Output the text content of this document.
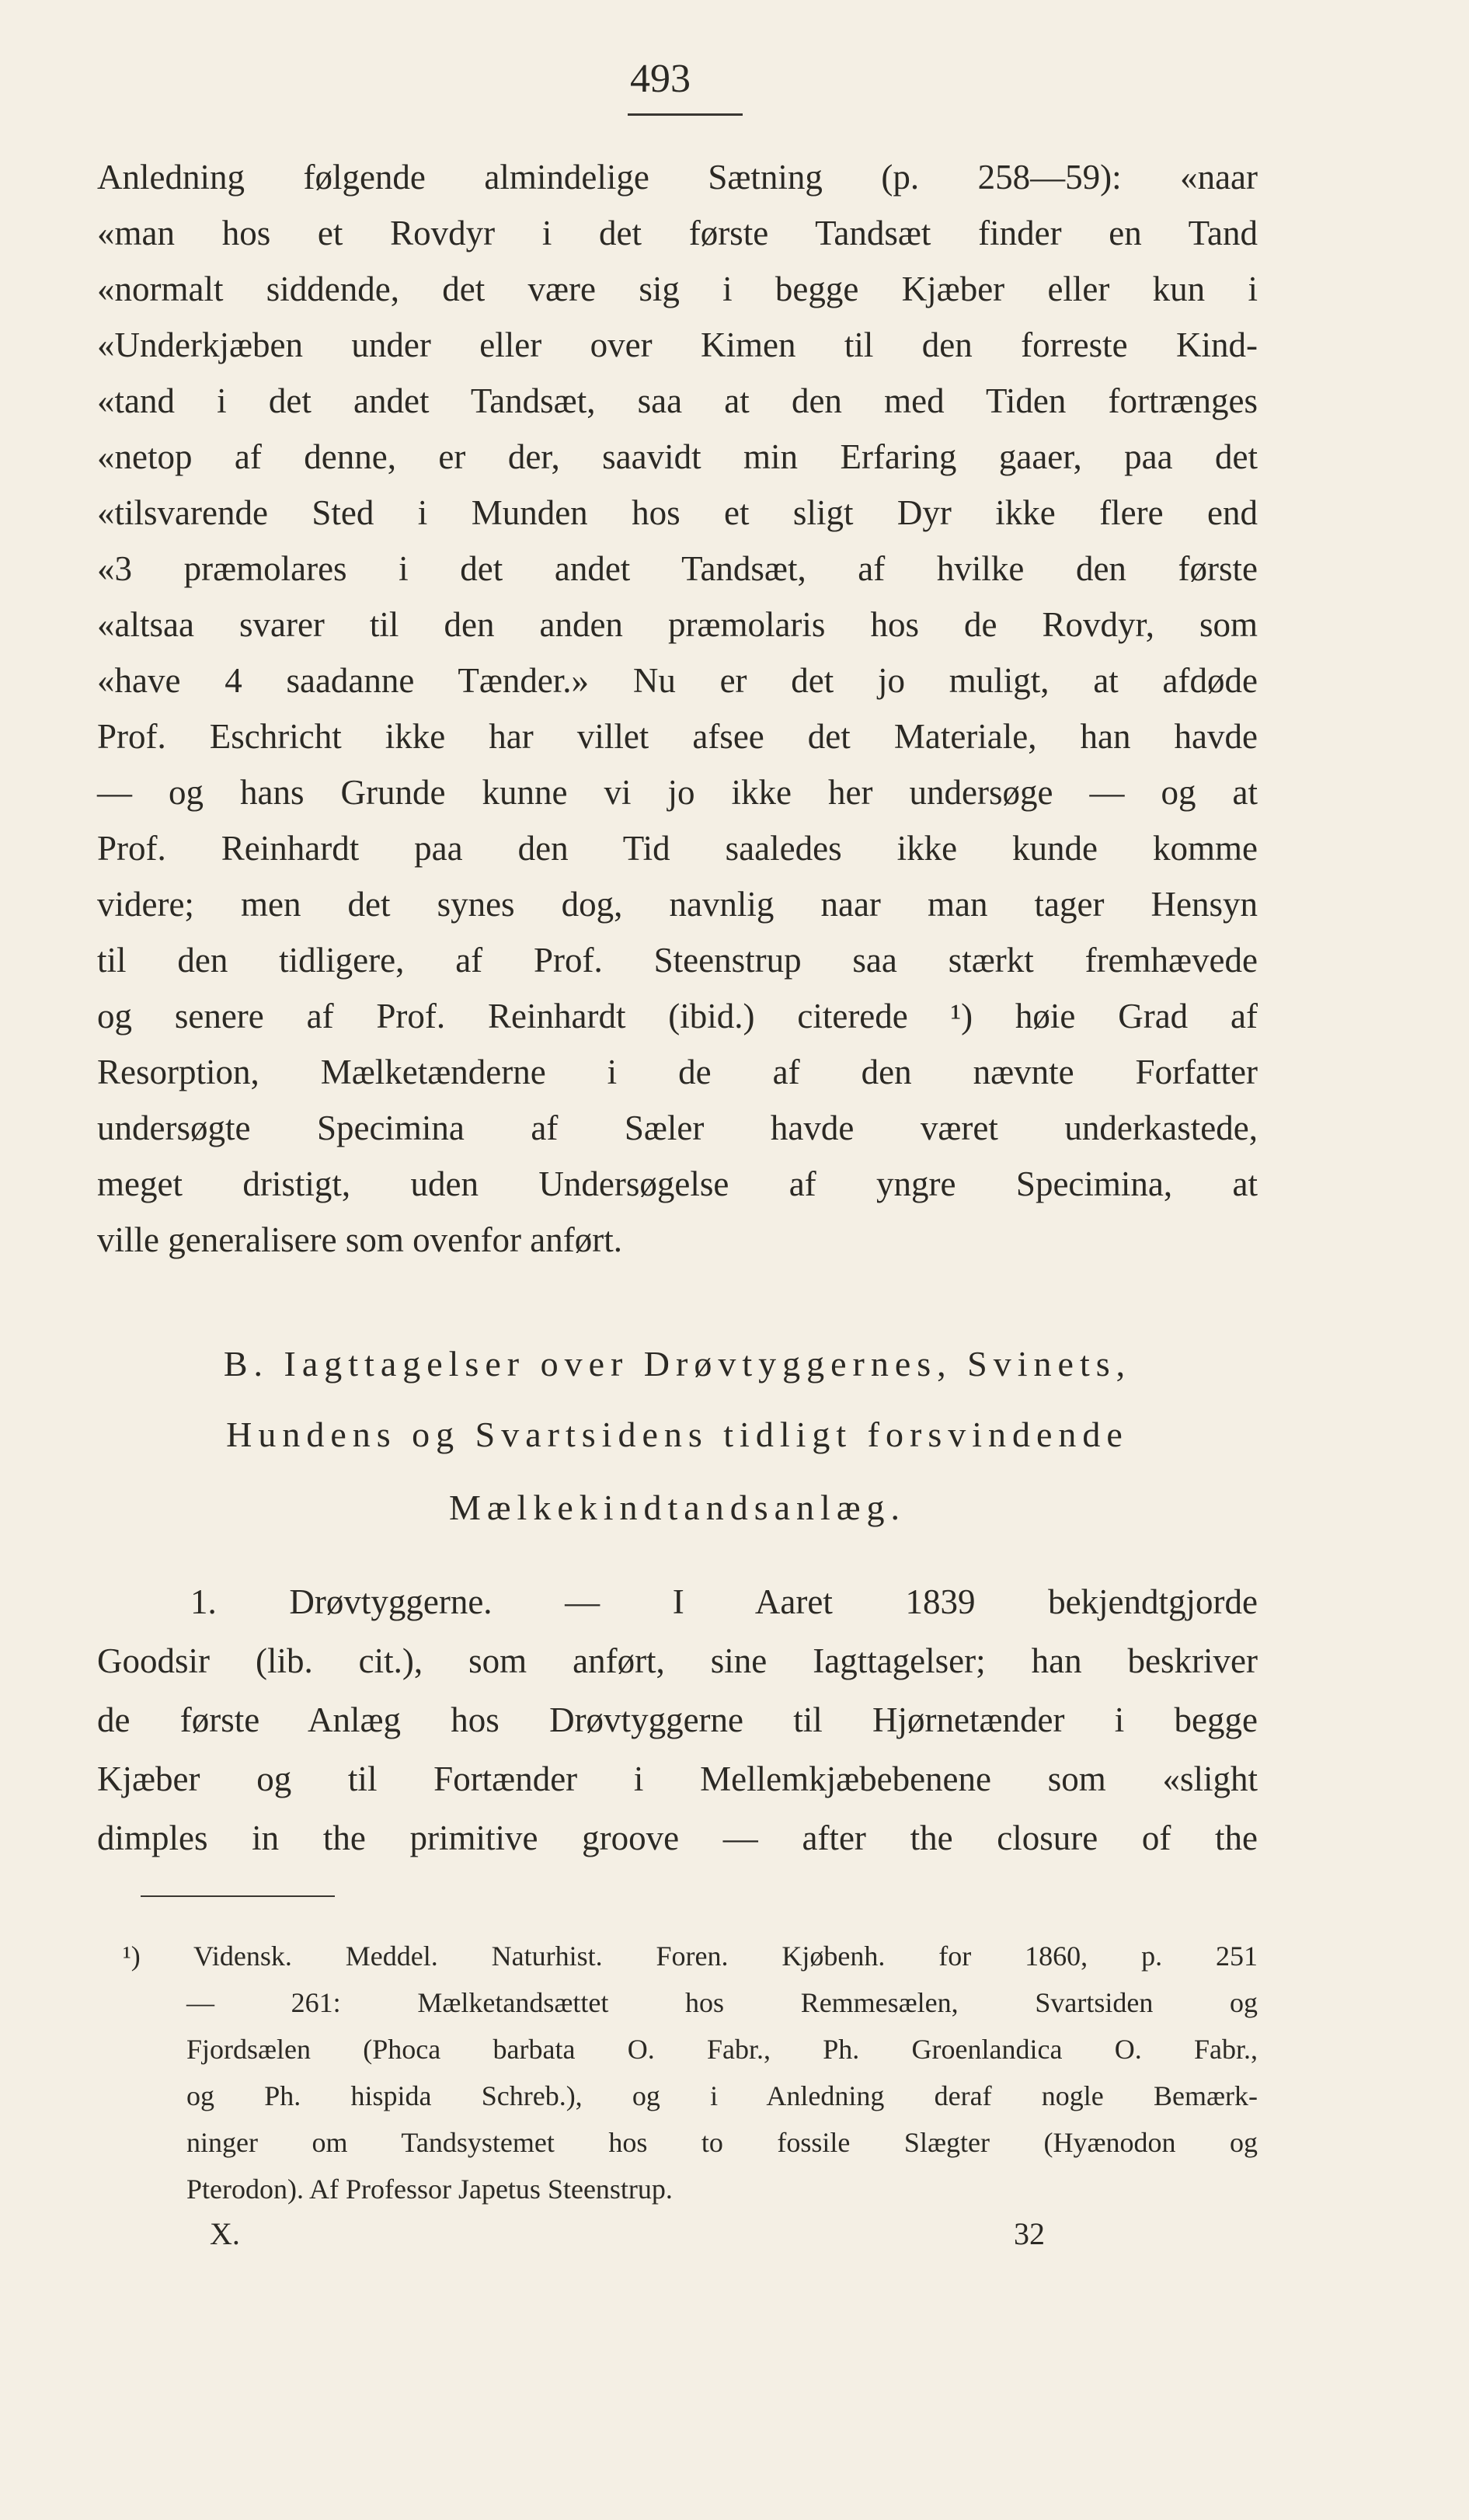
493
Anledning følgende almindelige Sætning (p. 258—59): «naar
«man hos et Rovdyr i det første Tandsæt finder en Tand
«normalt siddende, det være sig i begge Kjæber eller kun i
«Underkjæben under eller over Kimen til den forreste Kind-
«tand i det andet Tandsæt, saa at den med Tiden fortrænges
«netop af denne, er der, saavidt min Erfaring gaaer, paa det
«tilsvarende Sted i Munden hos et sligt Dyr ikke flere end
«3 præmolares i det andet Tandsæt, af hvilke den første
«altsaa svarer til den anden præmolaris hos de Rovdyr, som
«have 4 saadanne Tænder.» Nu er det jo muligt, at afdøde
Prof. Eschricht ikke har villet afsee det Materiale, han havde
— og hans Grunde kunne vi jo ikke her undersøge — og at
Prof. Reinhardt paa den Tid saaledes ikke kunde komme
videre; men det synes dog, navnlig naar man tager Hensyn
til den tidligere, af Prof. Steenstrup saa stærkt fremhævede
og senere af Prof. Reinhardt (ibid.) citerede ¹) høie Grad af
Resorption, Mælketænderne i de af den nævnte Forfatter
undersøgte Specimina af Sæler havde været underkastede,
meget dristigt, uden Undersøgelse af yngre Specimina, at
ville generalisere som ovenfor anført.
B. Iagttagelser over Drøvtyggernes, Svinets,
Hundens og Svartsidens tidligt forsvindende
Mælkekindtandsanlæg.
1. Drøvtyggerne. — I Aaret 1839 bekjendtgjorde
Goodsir (lib. cit.), som anført, sine Iagttagelser; han beskriver
de første Anlæg hos Drøvtyggerne til Hjørnetænder i begge
Kjæber og til Fortænder i Mellemkjæbebenene som «slight
dimples in the primitive groove — after the closure of the
¹) Vidensk. Meddel. Naturhist. Foren. Kjøbenh. for 1860, p. 251
— 261: Mælketandsættet hos Remmesælen, Svartsiden og
Fjordsælen (Phoca barbata O. Fabr., Ph. Groenlandica O. Fabr.,
og Ph. hispida Schreb.), og i Anledning deraf nogle Bemærk-
ninger om Tandsystemet hos to fossile Slægter (Hyænodon og
Pterodon). Af Professor Japetus Steenstrup.
X.	32
